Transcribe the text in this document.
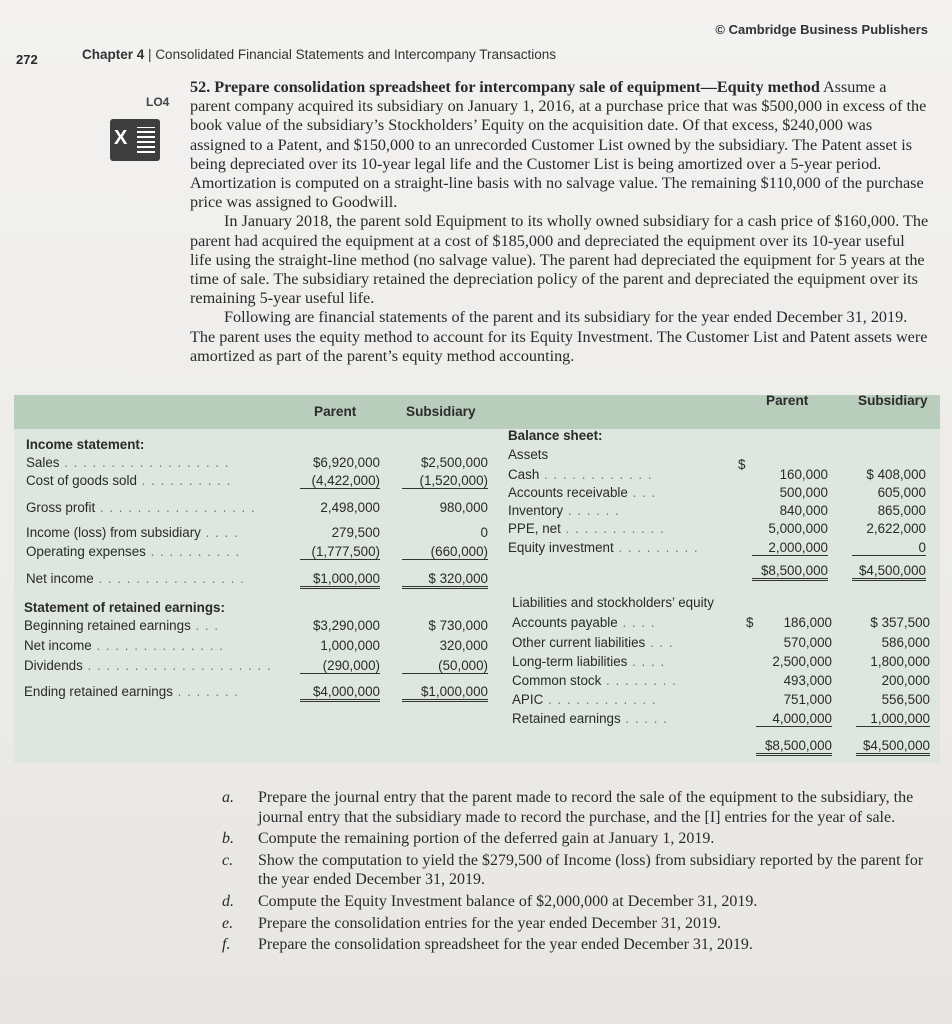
© Cambridge Business Publishers
272	Chapter 4 | Consolidated Financial Statements and Intercompany Transactions
LO4
X

52. Prepare consolidation spreadsheet for intercompany sale of equipment—Equity method Assume a parent company acquired its subsidiary on January 1, 2016, at a purchase price that was $500,000 in excess of the book value of the subsidiary’s Stockholders’ Equity on the acquisition date. Of that excess, $240,000 was assigned to a Patent, and $150,000 to an unrecorded Customer List owned by the subsidiary. The Patent asset is being depreciated over its 10-year legal life and the Customer List is being amortized over a 5-year period. Amortization is computed on a straight-line basis with no salvage value. The remaining $110,000 of the purchase price was assigned to Goodwill.

In January 2018, the parent sold Equipment to its wholly owned subsidiary for a cash price of $160,000. The parent had acquired the equipment at a cost of $185,000 and depreciated the equipment over its 10-year useful life using the straight-line method (no salvage value). The parent had depreciated the equipment for 5 years at the time of sale. The subsidiary retained the depreciation policy of the parent and depreciated the equipment over its remaining 5-year useful life.

Following are financial statements of the parent and its subsidiary for the year ended December 31, 2019. The parent uses the equity method to account for its Equity Investment. The Customer List and Patent assets were amortized as part of the parent’s equity method accounting.

Parent	Subsidiary
Parent	Subsidiary
Income statement:
Sales . . . . . . . . . . . . . . . . . .	$6,920,000	$2,500,000
Cost of goods sold . . . . . . . . . .	(4,422,000)	(1,520,000)
Gross profit . . . . . . . . . . . . . . . . .	2,498,000	980,000
Income (loss) from subsidiary . . . .	279,500	0
Operating expenses . . . . . . . . . .	(1,777,500)	(660,000)
Net income . . . . . . . . . . . . . . . .	$1,000,000	$ 320,000
Statement of retained earnings:
Beginning retained earnings . . .	$3,290,000	$ 730,000
Net income . . . . . . . . . . . . . .	1,000,000	320,000
Dividends . . . . . . . . . . . . . . . . . . . .	(290,000)	(50,000)
Ending retained earnings . . . . . . .	$4,000,000	$1,000,000
Balance sheet:
Assets
$
Cash . . . . . . . . . . . .	160,000	$ 408,000
Accounts receivable . . .	500,000	605,000
Inventory . . . . . .	840,000	865,000
PPE, net . . . . . . . . . . .	5,000,000	2,622,000
Equity investment . . . . . . . . .	2,000,000	0
$8,500,000	$4,500,000
Liabilities and stockholders’ equity
$
Accounts payable . . . .	186,000	$ 357,500
Other current liabilities . . .	570,000	586,000
Long-term liabilities . . . .	2,500,000	1,800,000
Common stock . . . . . . . .	493,000	200,000
APIC . . . . . . . . . . . .	751,000	556,500
Retained earnings . . . . .	4,000,000	1,000,000
$8,500,000	$4,500,000
a. Prepare the journal entry that the parent made to record the sale of the equipment to the subsidiary, the journal entry that the subsidiary made to record the purchase, and the [I] entries for the year of sale.
b. Compute the remaining portion of the deferred gain at January 1, 2019.
c. Show the computation to yield the $279,500 of Income (loss) from subsidiary reported by the parent for the year ended December 31, 2019.
d. Compute the Equity Investment balance of $2,000,000 at December 31, 2019.
e. Prepare the consolidation entries for the year ended December 31, 2019.
f. Prepare the consolidation spreadsheet for the year ended December 31, 2019.
